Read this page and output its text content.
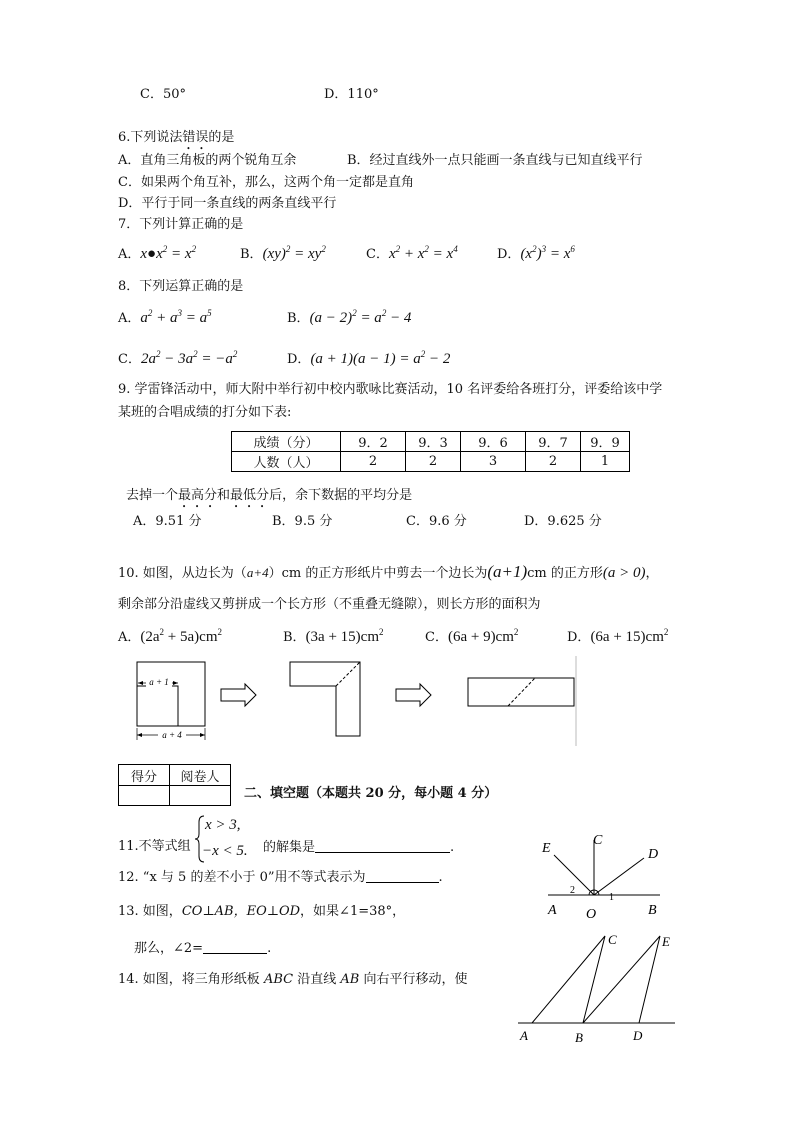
C．50°	D．110°
6.下列说法错误的是
A．直角三角板的两个锐角互余	B．经过直线外一点只能画一条直线与已知直线平行
C．如果两个角互补，那么，这两个角一定都是直角
D．平行于同一条直线的两条直线平行
7．下列计算正确的是
A．$x●x^2 = x^2$	B．$(xy)^2 = xy^2$	C．$x^2 + x^2 = x^4$	D．$(x^2)^3 = x^6$
8．下列运算正确的是
A．$a^2 + a^3 = a^5$	B．$(a - 2)^2 = a^2 - 4$
C．$2a^2 - 3a^2 = -a^2$	D．$(a + 1)(a - 1) = a^2 - 2$
9. 学雷锋活动中，师大附中举行初中校内歌咏比赛活动，10 名评委给各班打分，评委给该中学
某班的合唱成绩的打分如下表:
成绩（分）	9．2	9．3	9．6	9．7	9．9
人数（人）	2	2	3	2	1
去掉一个最高分和最低分后，余下数据的平均分是
A．9.51 分	B．9.5 分	C．9.6 分	D．9.625 分
10. 如图，从边长为（a+4）cm 的正方形纸片中剪去一个边长为(a+1)cm 的正方形(a > 0)，
剩余部分沿虚线又剪拼成一个长方形（不重叠无缝隙），则长方形的面积为
A．$(2a^2 + 5a)cm^2$	B．$(3a + 15)cm^2$	C．$(6a + 9)cm^2$	D．$(6a + 15)cm^2$
a + 1
a + 4
得分	阅卷人

二、填空题（本题共 20 分，每小题 4 分）
11.不等式组
x > 3,
−x < 5. 的解集是	.
12. “x 与 5 的差不小于 0”用不等式表示为	.
13. 如图，CO⊥AB，EO⊥OD，如果∠1=38°，
那么，∠2=	.
14. 如图，将三角形纸板 ABC 沿直线 AB 向右平行移动，使
E
C
D
A O	B
1
2
A	B
C
D
E
